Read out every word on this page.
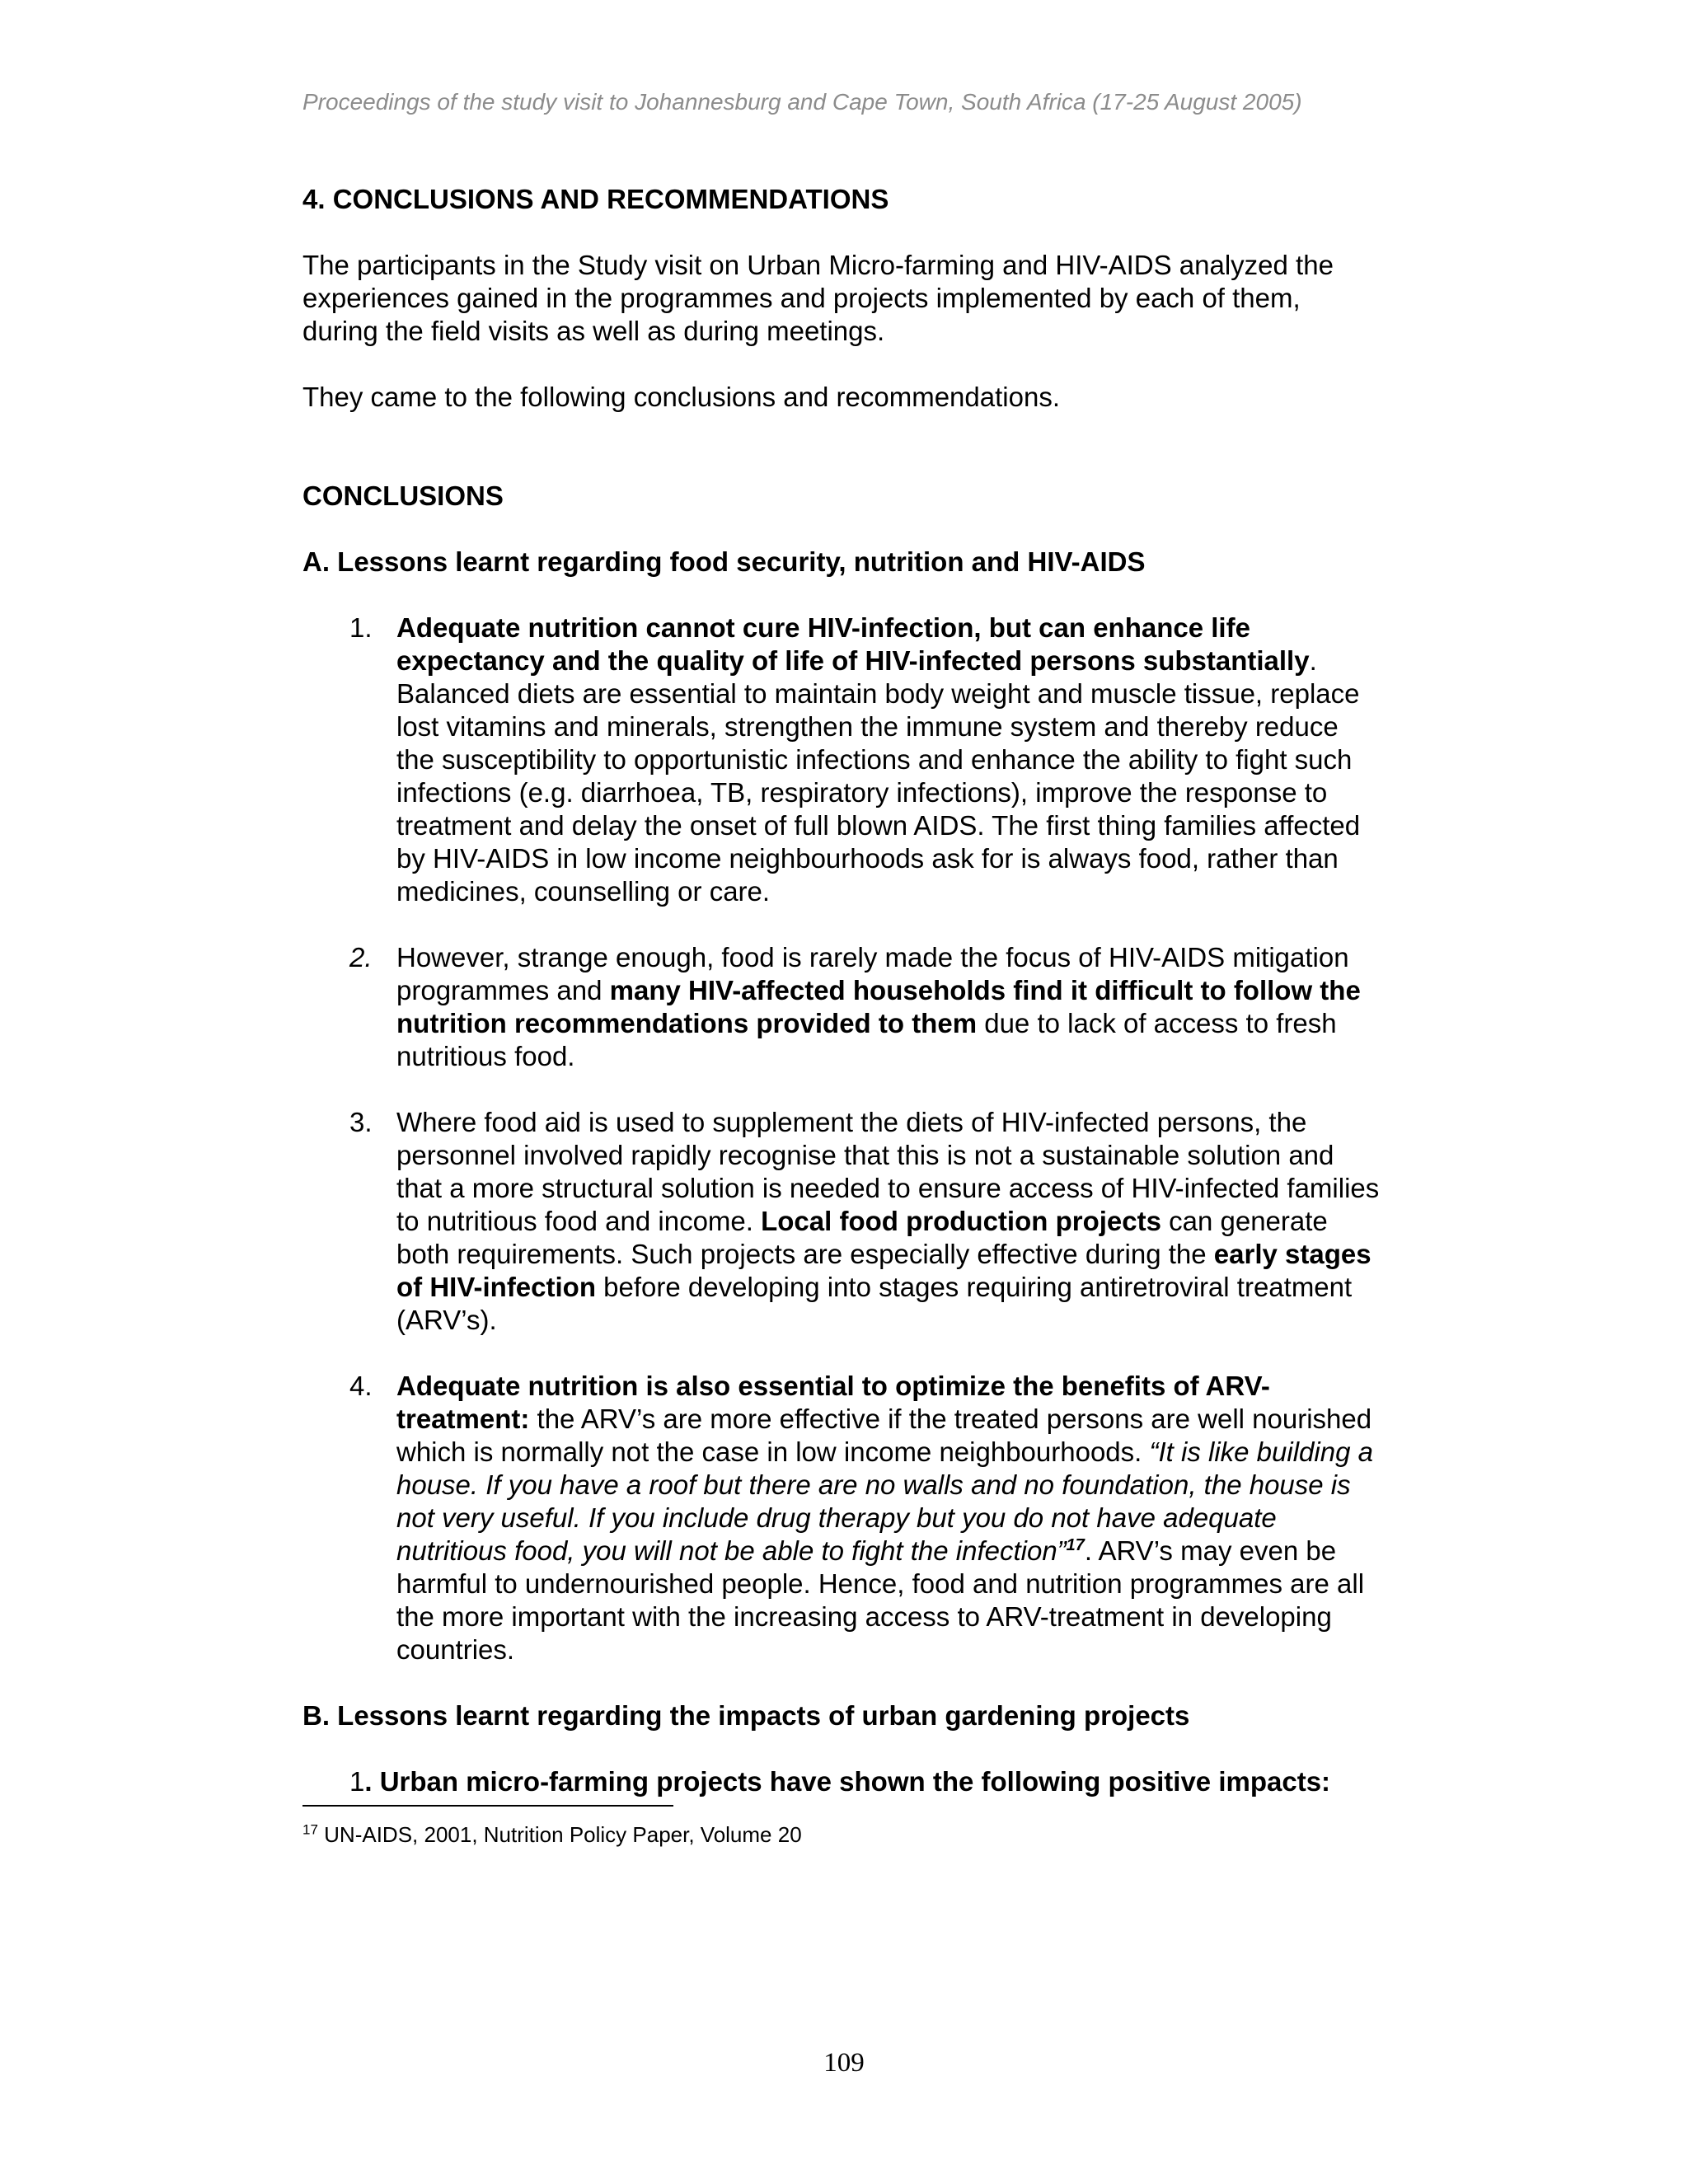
Proceedings of the study visit to Johannesburg and Cape Town, South Africa (17-25 August 2005)
4. CONCLUSIONS AND RECOMMENDATIONS
The participants in the Study visit on Urban Micro-farming and HIV-AIDS analyzed the experiences gained in the programmes and projects implemented by each of them, during the field visits as well as during meetings.
They came to the following conclusions and recommendations.
CONCLUSIONS
A. Lessons learnt regarding food security, nutrition and HIV-AIDS
1. Adequate nutrition cannot cure HIV-infection, but can enhance life expectancy and the quality of life of HIV-infected persons substantially. Balanced diets are essential to maintain body weight and muscle tissue, replace lost vitamins and minerals, strengthen the immune system and thereby reduce the susceptibility to opportunistic infections and enhance the ability to fight such infections (e.g. diarrhoea, TB, respiratory infections), improve the response to treatment and delay the onset of full blown AIDS. The first thing families affected by HIV-AIDS in low income neighbourhoods ask for is always food, rather than medicines, counselling or care.
2. However, strange enough, food is rarely made the focus of HIV-AIDS mitigation programmes and many HIV-affected households find it difficult to follow the nutrition recommendations provided to them due to lack of access to fresh nutritious food.
3. Where food aid is used to supplement the diets of HIV-infected persons, the personnel involved rapidly recognise that this is not a sustainable solution and that a more structural solution is needed to ensure access of HIV-infected families to nutritious food and income. Local food production projects can generate both requirements. Such projects are especially effective during the early stages of HIV-infection before developing into stages requiring antiretroviral treatment (ARV’s).
4. Adequate nutrition is also essential to optimize the benefits of ARV-treatment: the ARV’s are more effective if the treated persons are well nourished which is normally not the case in low income neighbourhoods. “It is like building a house. If you have a roof but there are no walls and no foundation, the house is not very useful. If you include drug therapy but you do not have adequate nutritious food, you will not be able to fight the infection”$^{17}$. ARV’s may even be harmful to undernourished people. Hence, food and nutrition programmes are all the more important with the increasing access to ARV-treatment in developing countries.
B. Lessons learnt regarding the impacts of urban gardening projects
1. Urban micro-farming projects have shown the following positive impacts:
$^{17}$ UN-AIDS, 2001, Nutrition Policy Paper, Volume 20
109
